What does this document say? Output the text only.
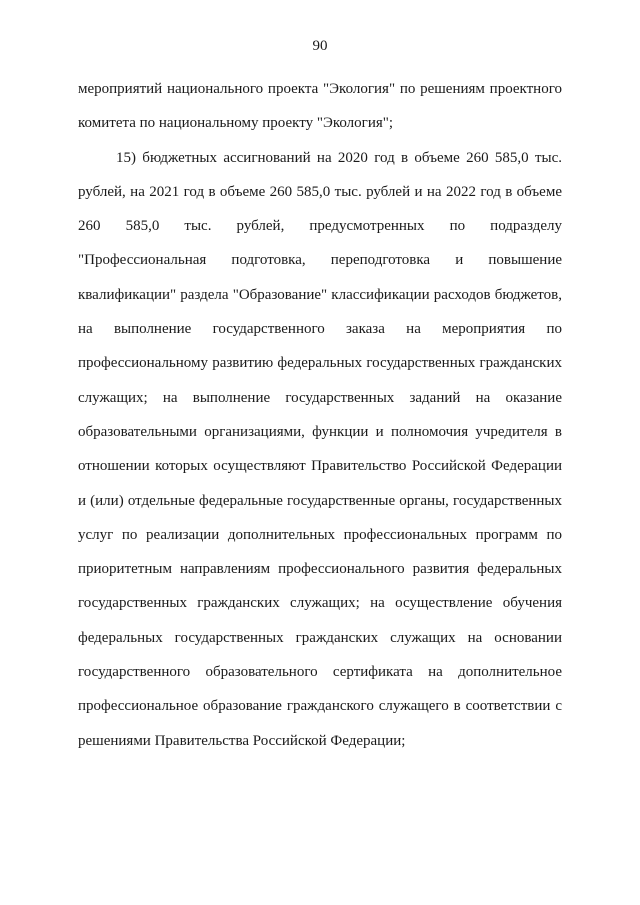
90
мероприятий национального проекта "Экология" по решениям проектного
комитета по национальному проекту "Экология";
15) бюджетных ассигнований на 2020 год в объеме 260 585,0 тыс.
рублей, на 2021 год в объеме 260 585,0 тыс. рублей и на 2022 год в объеме
260 585,0 тыс. рублей, предусмотренных по подразделу
"Профессиональная подготовка, переподготовка и повышение
квалификации" раздела "Образование" классификации расходов бюджетов,
на выполнение государственного заказа на мероприятия по
профессиональному развитию федеральных государственных гражданских
служащих; на выполнение государственных заданий на оказание
образовательными организациями, функции и полномочия учредителя в
отношении которых осуществляют Правительство Российской Федерации
и (или) отдельные федеральные государственные органы, государственных
услуг по реализации дополнительных профессиональных программ по
приоритетным направлениям профессионального развития федеральных
государственных гражданских служащих; на осуществление обучения
федеральных государственных гражданских служащих на основании
государственного образовательного сертификата на дополнительное
профессиональное образование гражданского служащего в соответствии с
решениями Правительства Российской Федерации;
